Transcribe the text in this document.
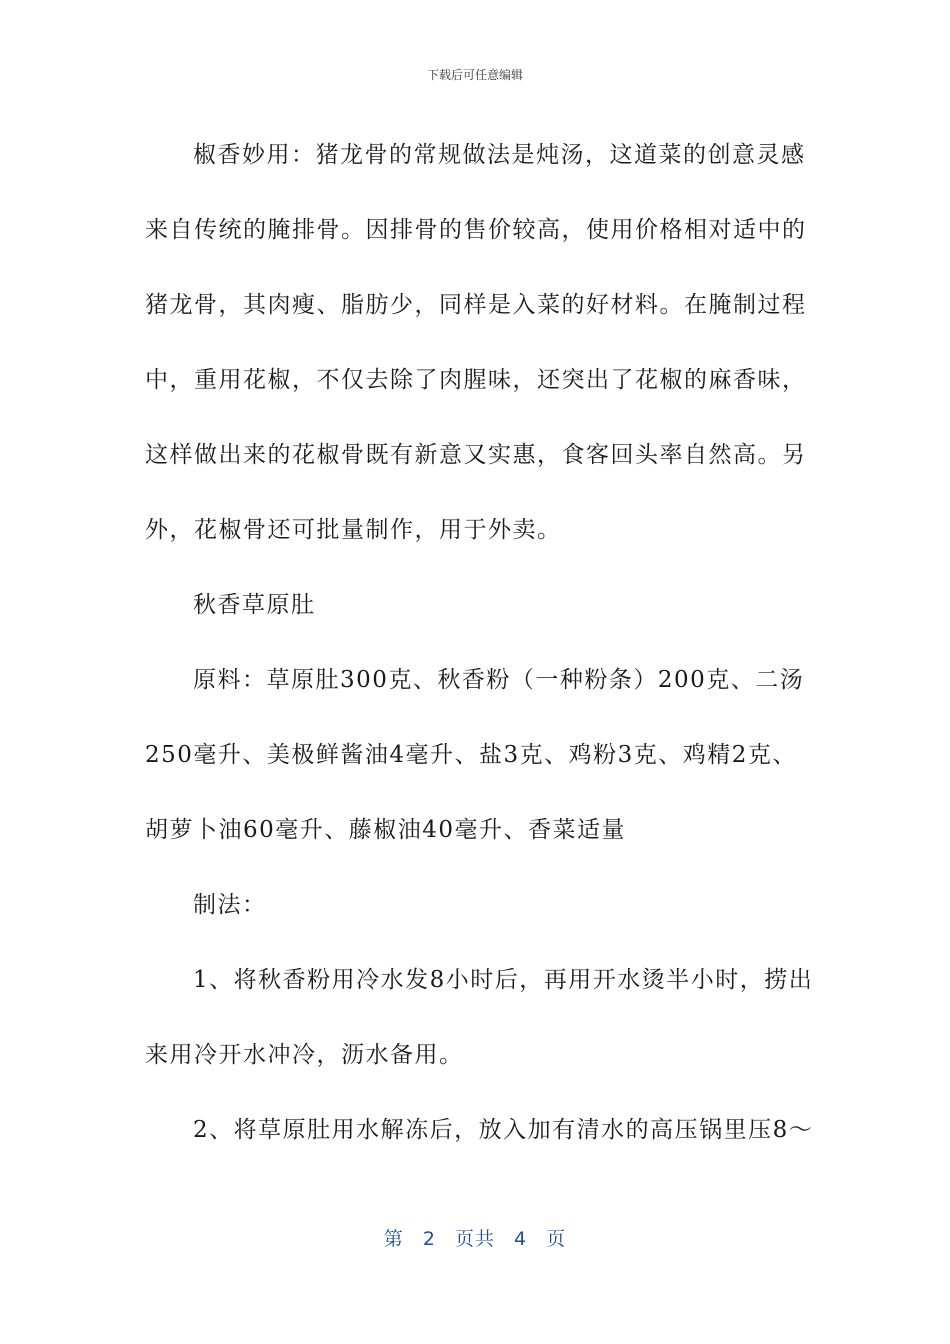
下载后可任意编辑

椒香妙用：猪龙骨的常规做法是炖汤，这道菜的创意灵感

来自传统的腌排骨。因排骨的售价较高，使用价格相对适中的

猪龙骨，其肉瘦、脂肪少，同样是入菜的好材料。在腌制过程

中，重用花椒，不仅去除了肉腥味，还突出了花椒的麻香味，

这样做出来的花椒骨既有新意又实惠，食客回头率自然高。另

外，花椒骨还可批量制作，用于外卖。

秋香草原肚

原料：草原肚300克、秋香粉（一种粉条）200克、二汤

250毫升、美极鲜酱油4毫升、盐3克、鸡粉3克、鸡精2克、

胡萝卜油60毫升、藤椒油40毫升、香菜适量

制法：

1、将秋香粉用冷水发8小时后，再用开水烫半小时，捞出

来用冷开水冲冷，沥水备用。

2、将草原肚用水解冻后，放入加有清水的高压锅里压8～

第 2 页共 4 页
